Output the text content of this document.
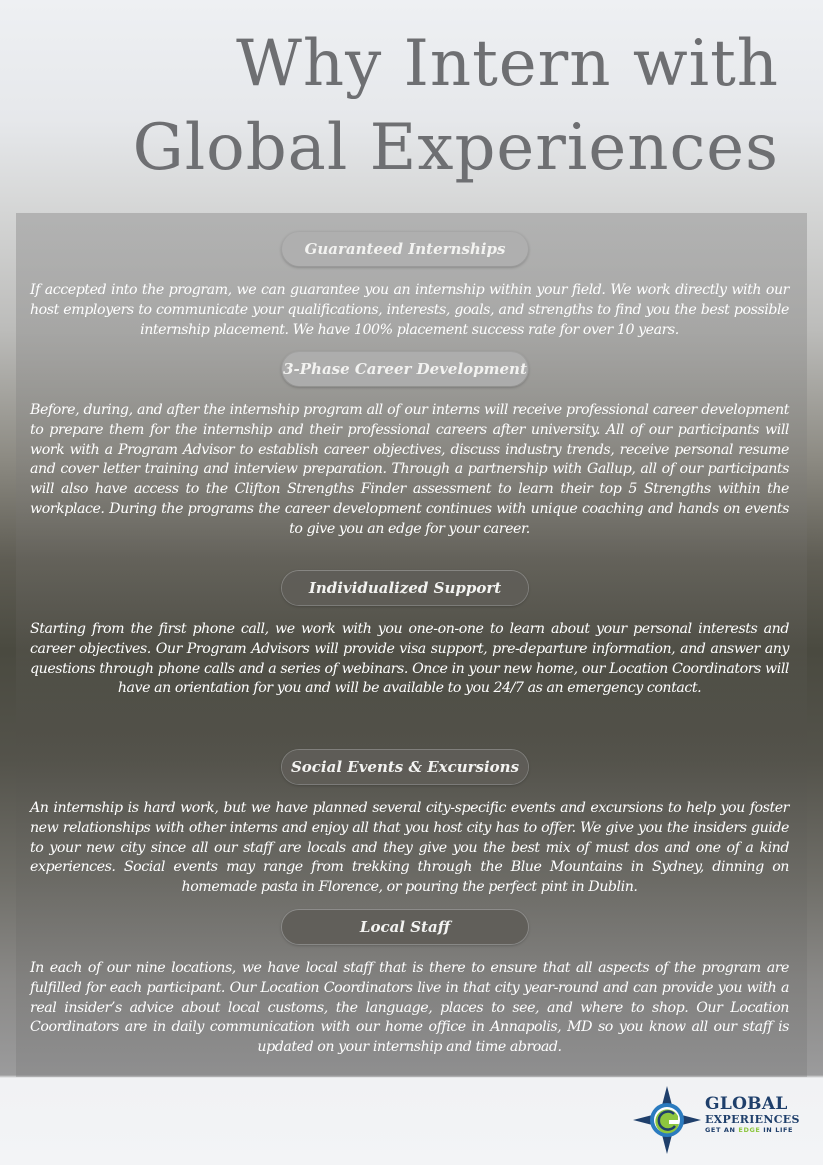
Why Intern with
Global Experiences
Guaranteed Internships

If accepted into the program, we can guarantee you an internship within your field. We work directly with our host employers to communicate your qualifications, interests, goals, and strengths to find you the best possible internship placement. We have 100% placement success rate for over 10 years.

3-Phase Career Development

Before, during, and after the internship program all of our interns will receive professional career development to prepare them for the internship and their professional careers after university. All of our participants will work with a Program Advisor to establish career objectives, discuss industry trends, receive personal resume and cover letter training and interview preparation. Through a partnership with Gallup, all of our participants will also have access to the Clifton Strengths Finder assessment to learn their top 5 Strengths within the workplace. During the programs the career development continues with unique coaching and hands on events to give you an edge for your career.

Individualized Support

Starting from the first phone call, we work with you one-on-one to learn about your personal interests and career objectives. Our Program Advisors will provide visa support, pre-departure information, and answer any questions through phone calls and a series of webinars. Once in your new home, our Location Coordinators will have an orientation for you and will be available to you 24/7 as an emergency contact.

Social Events & Excursions

An internship is hard work, but we have planned several city-specific events and excursions to help you foster new relationships with other interns and enjoy all that you host city has to offer. We give you the insiders guide to your new city since all our staff are locals and they give you the best mix of must dos and one of a kind experiences. Social events may range from trekking through the Blue Mountains in Sydney, dinning on homemade pasta in Florence, or pouring the perfect pint in Dublin.

Local Staff

In each of our nine locations, we have local staff that is there to ensure that all aspects of the program are fulfilled for each participant. Our Location Coordinators live in that city year-round and can provide you with a real insider’s advice about local customs, the language, places to see, and where to shop. Our Location Coordinators are in daily communication with our home office in Annapolis, MD so you know all our staff is updated on your internship and time abroad.

GLOBAL
EXPERIENCES
GET AN EDGE IN LIFE
